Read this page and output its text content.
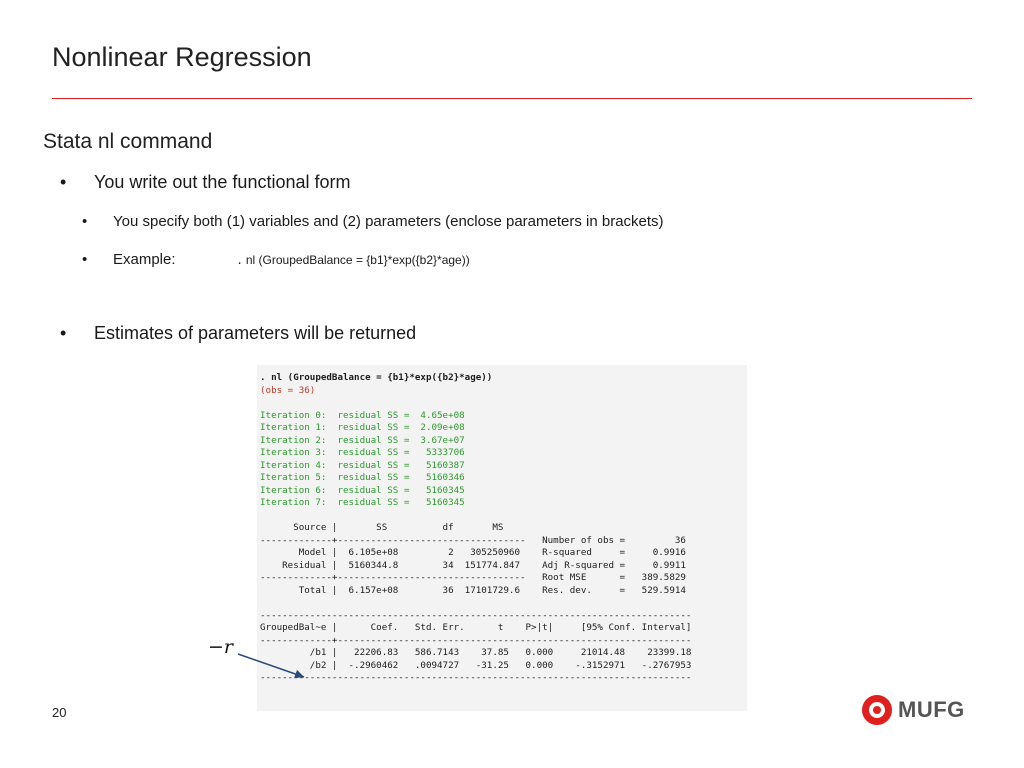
Nonlinear Regression
Stata nl command
•	You write out the functional form
•	You specify both (1) variables and (2) parameters (enclose parameters in brackets)
•	Example:	. nl (GroupedBalance = {b1}*exp({b2}*age))
•	Estimates of parameters will be returned
. nl (GroupedBalance = {b1}*exp({b2}*age))
(obs = 36)
Iteration 0:  residual SS =  4.65e+08
Iteration 1:  residual SS =  2.09e+08
Iteration 2:  residual SS =  3.67e+07
Iteration 3:  residual SS =   5333706
Iteration 4:  residual SS =   5160387
Iteration 5:  residual SS =   5160346
Iteration 6:  residual SS =   5160345
Iteration 7:  residual SS =   5160345
Source |       SS          df       MS
-------------+----------------------------------   Number of obs =         36
Model |  6.105e+08         2   305250960    R-squared     =     0.9916
Residual |  5160344.8        34  151774.847    Adj R-squared =     0.9911
-------------+----------------------------------   Root MSE      =   389.5829
Total |  6.157e+08        36  17101729.6    Res. dev.     =   529.5914
------------------------------------------------------------------------------
GroupedBal~e |      Coef.   Std. Err.      t    P>|t|     [95% Conf. Interval]
-------------+----------------------------------------------------------------
/b1 |   22206.83   586.7143    37.85   0.000     21014.48    23399.18
/b2 |  -.2960462   .0094727   -31.25   0.000    -.3152971   -.2767953
------------------------------------------------------------------------------
−r
20	MUFG
